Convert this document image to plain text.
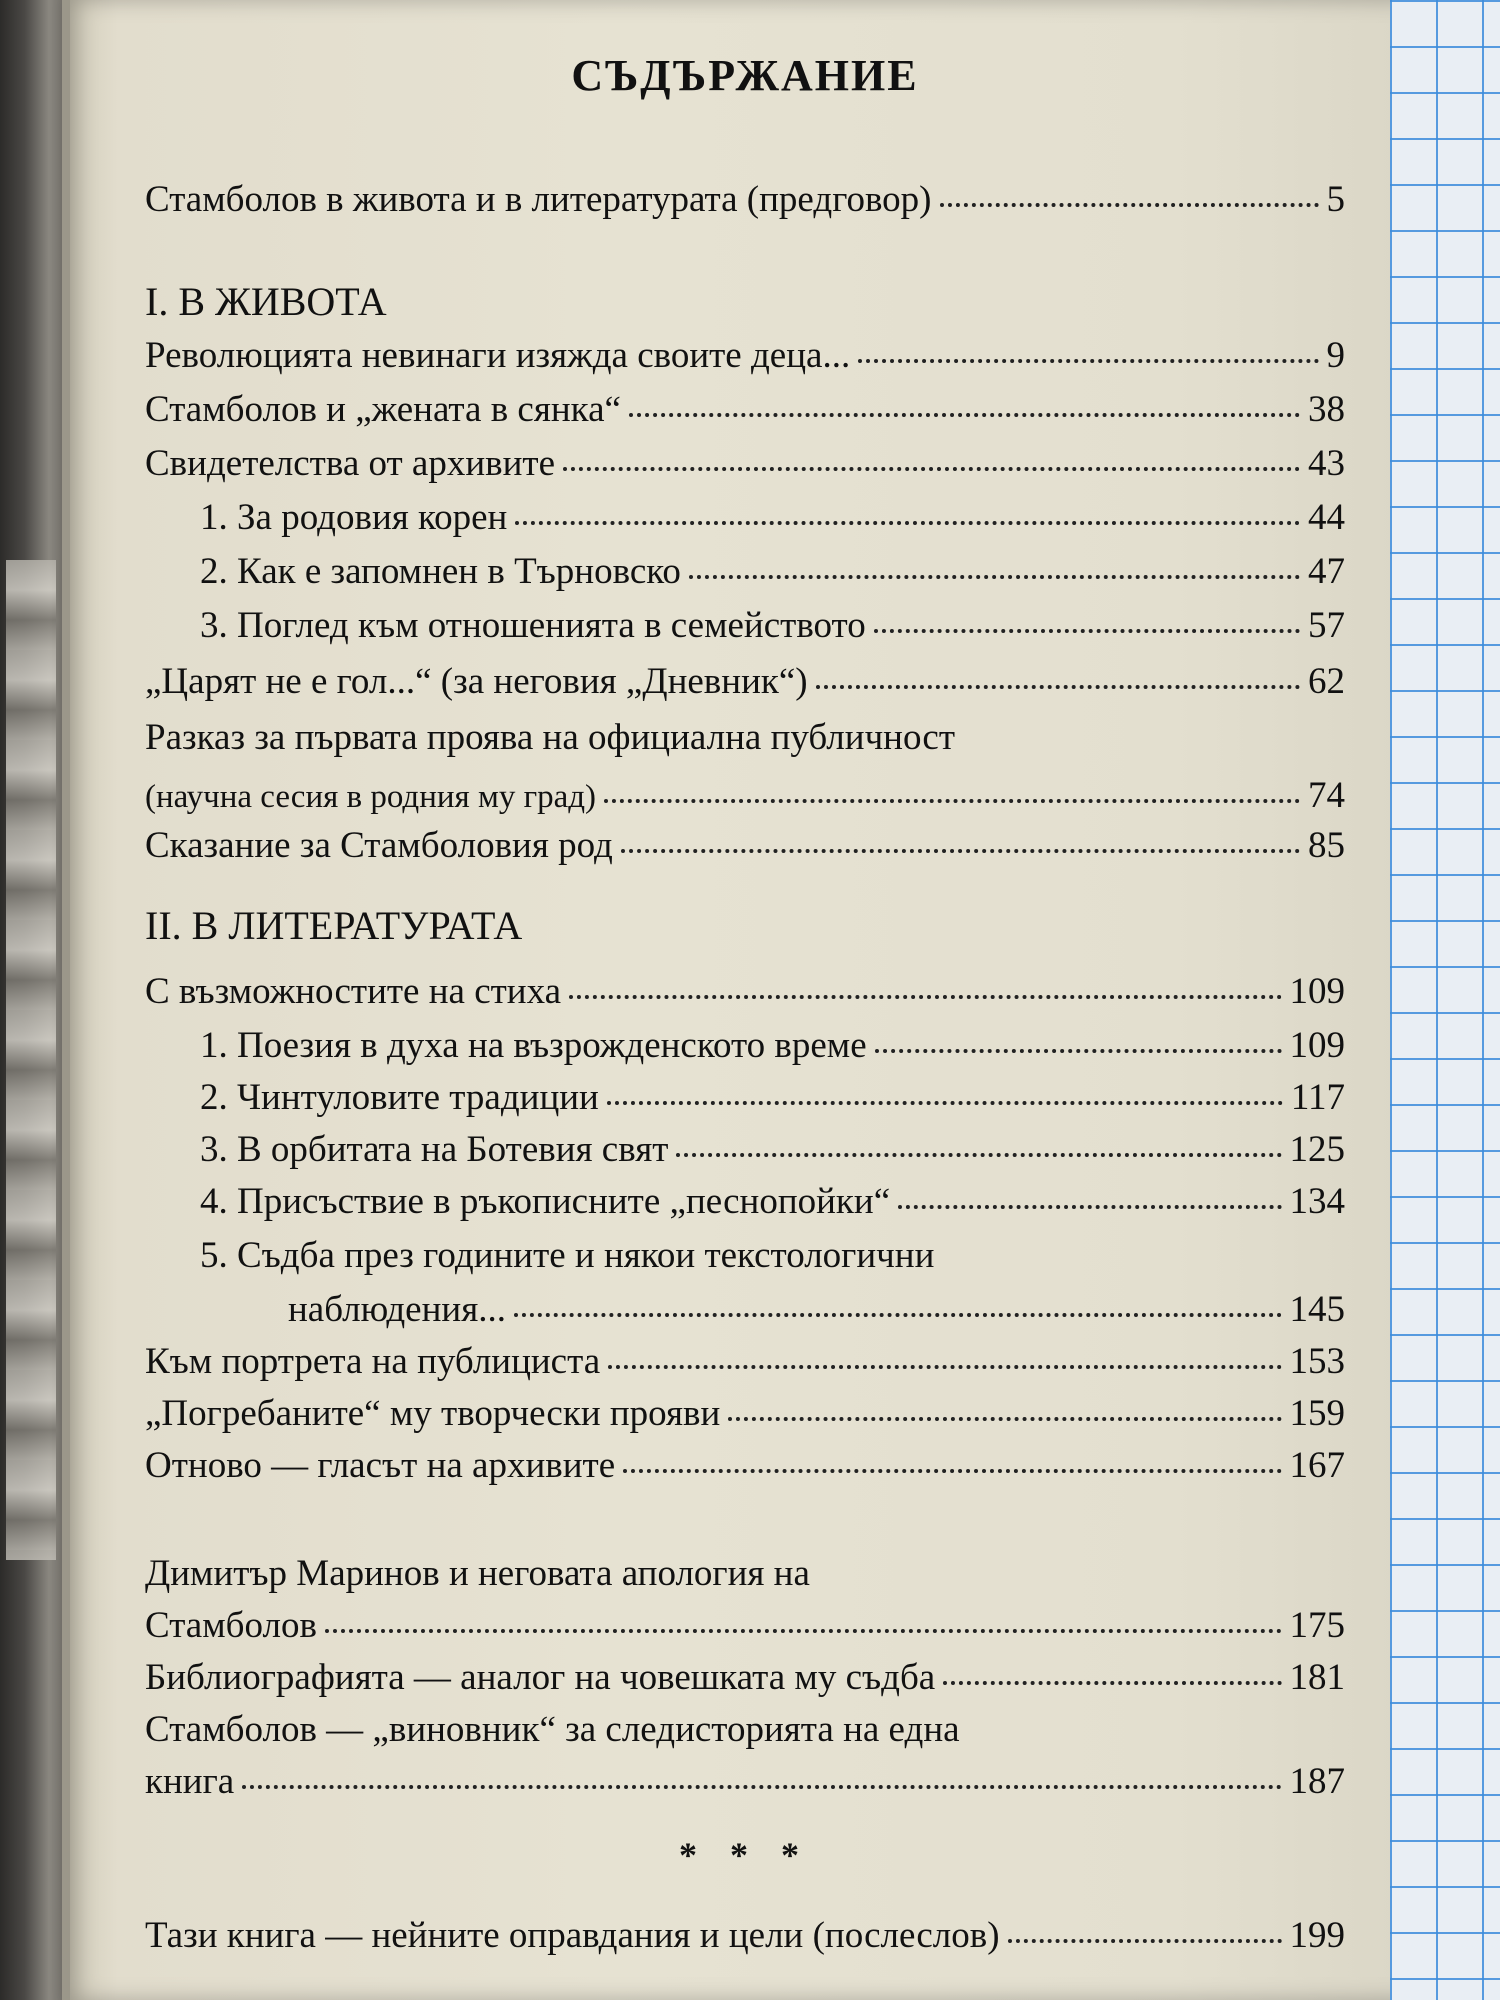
СЪДЪРЖАНИЕ
Стамболов в живота и в литературата (предговор)	5
I. В ЖИВОТА
Революцията невинаги изяжда своите деца...	9
Стамболов и „жената в сянка“	38
Свидетелства от архивите	43
1. За родовия корен	44
2. Как е запомнен в Търновско	47
3. Поглед към отношенията в семейството	57
„Царят не е гол...“ (за неговия „Дневник“)	62
Разказ за първата проява на официална публичност
(научна сесия в родния му град)	74
Сказание за Стамболовия род	85
II. В ЛИТЕРАТУРАТА
С възможностите на стиха	109
1. Поезия в духа на възрожденското време	109
2. Чинтуловите традиции	117
3. В орбитата на Ботевия свят	125
4. Присъствие в ръкописните „песнопойки“	134
5. Съдба през годините и някои текстологични
наблюдения...	145
Към портрета на публициста	153
„Погребаните“ му творчески прояви	159
Отново — гласът на архивите	167
Димитър Маринов и неговата апология на
Стамболов	175
Библиографията — аналог на човешката му съдба	181
Стамболов — „виновник“ за следисторията на една
книга	187
* * *
Тази книга — нейните оправдания и цели (послеслов)	199
